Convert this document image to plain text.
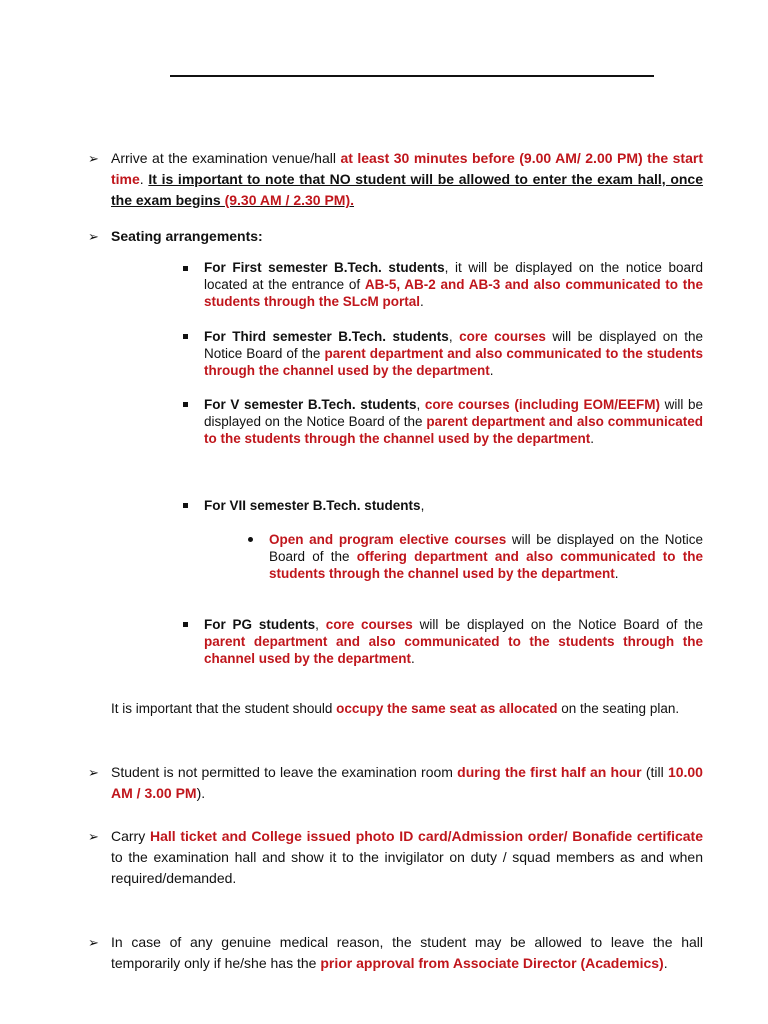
➢ Arrive at the examination venue/hall at least 30 minutes before (9.00 AM/ 2.00 PM) the start time. It is important to note that NO student will be allowed to enter the exam hall, once the exam begins (9.30 AM / 2.30 PM).
➢ Seating arrangements:
For First semester B.Tech. students, it will be displayed on the notice board located at the entrance of AB-5, AB-2 and AB-3 and also communicated to the students through the SLcM portal.
For Third semester B.Tech. students, core courses will be displayed on the Notice Board of the parent department and also communicated to the students through the channel used by the department.
For V semester B.Tech. students, core courses (including EOM/EEFM) will be displayed on the Notice Board of the parent department and also communicated to the students through the channel used by the department.
For VII semester B.Tech. students,
Open and program elective courses will be displayed on the Notice Board of the offering department and also communicated to the students through the channel used by the department.
For PG students, core courses will be displayed on the Notice Board of the parent department and also communicated to the students through the channel used by the department.
It is important that the student should occupy the same seat as allocated on the seating plan.
➢ Student is not permitted to leave the examination room during the first half an hour (till 10.00 AM / 3.00 PM).
➢ Carry Hall ticket and College issued photo ID card/Admission order/ Bonafide certificate to the examination hall and show it to the invigilator on duty / squad members as and when required/demanded.
➢ In case of any genuine medical reason, the student may be allowed to leave the hall temporarily only if he/she has the prior approval from Associate Director (Academics).
